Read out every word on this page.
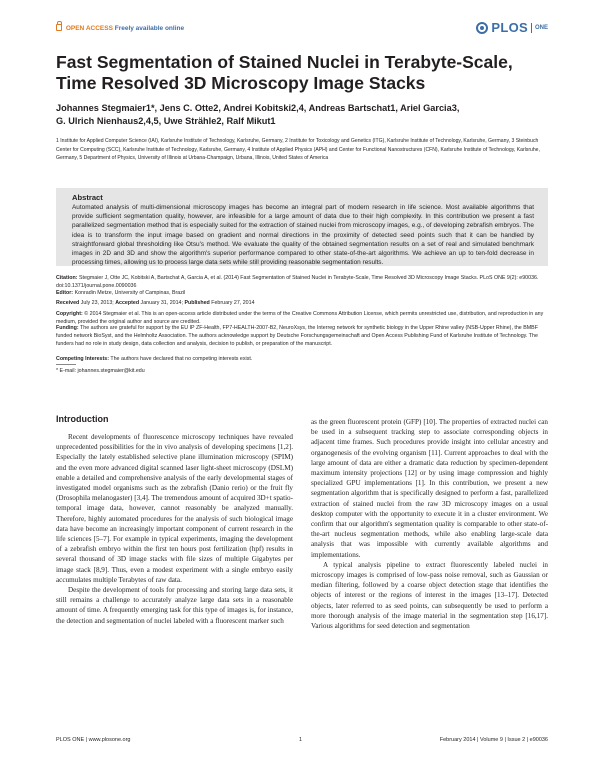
OPEN ACCESS Freely available online	PLOS ONE
Fast Segmentation of Stained Nuclei in Terabyte-Scale, Time Resolved 3D Microscopy Image Stacks
Johannes Stegmaier1*, Jens C. Otte2, Andrei Kobitski2,4, Andreas Bartschat1, Ariel Garcia3,
G. Ulrich Nienhaus2,4,5, Uwe Strähle2, Ralf Mikut1
1 Institute for Applied Computer Science (IAI), Karlsruhe Institute of Technology, Karlsruhe, Germany, 2 Institute for Toxicology and Genetics (ITG), Karlsruhe Institute of Technology, Karlsruhe, Germany, 3 Steinbuch Center for Computing (SCC), Karlsruhe Institute of Technology, Karlsruhe, Germany, 4 Institute of Applied Physics (APH) and Center for Functional Nanostructures (CFN), Karlsruhe Institute of Technology, Karlsruhe, Germany, 5 Department of Physics, University of Illinois at Urbana-Champaign, Urbana, Illinois, United States of America
Abstract
Automated analysis of multi-dimensional microscopy images has become an integral part of modern research in life science. Most available algorithms that provide sufficient segmentation quality, however, are infeasible for a large amount of data due to their high complexity. In this contribution we present a fast parallelized segmentation method that is especially suited for the extraction of stained nuclei from microscopy images, e.g., of developing zebrafish embryos. The idea is to transform the input image based on gradient and normal directions in the proximity of detected seed points such that it can be handled by straightforward global thresholding like Otsu's method. We evaluate the quality of the obtained segmentation results on a set of real and simulated benchmark images in 2D and 3D and show the algorithm's superior performance compared to other state-of-the-art algorithms. We achieve an up to ten-fold decrease in processing times, allowing us to process large data sets while still providing reasonable segmentation results.
Citation: Stegmaier J, Otte JC, Kobitski A, Bartschat A, Garcia A, et al. (2014) Fast Segmentation of Stained Nuclei in Terabyte-Scale, Time Resolved 3D Microscopy Image Stacks. PLoS ONE 9(2): e90036. doi:10.1371/journal.pone.0090036
Editor: Konradin Metze, University of Campinas, Brazil
Received July 23, 2013; Accepted January 31, 2014; Published February 27, 2014
Copyright: © 2014 Stegmaier et al. This is an open-access article distributed under the terms of the Creative Commons Attribution License, which permits unrestricted use, distribution, and reproduction in any medium, provided the original author and source are credited.
Funding: The authors are grateful for support by the EU IP ZF-Health, FP7-HEALTH-2007-B2, NeuroXsys, the Interreg network for synthetic biology in the Upper Rhine valley (NSB-Upper Rhine), the BMBF funded network BioSyst, and the Helmholtz Association. The authors acknowledge support by Deutsche Forschungsgemeinschaft and Open Access Publishing Fund of Karlsruhe Institute of Technology. The funders had no role in study design, data collection and analysis, decision to publish, or preparation of the manuscript.
Competing Interests: The authors have declared that no competing interests exist.
* E-mail: johannes.stegmaier@kit.edu
Introduction

Recent developments of fluorescence microscopy techniques have revealed unprecedented possibilities for the in vivo analysis of developing specimens [1,2]. Especially the lately established selective plane illumination microscopy (SPIM) and the even more advanced digital scanned laser light-sheet microscopy (DSLM) enable a detailed and comprehensive analysis of the early developmental stages of investigated model organisms such as the zebrafish (Danio rerio) or the fruit fly (Drosophila melanogaster) [3,4]. The tremendous amount of acquired 3D+t spatio-temporal image data, however, cannot reasonably be analyzed manually. Therefore, highly automated procedures for the analysis of such biological image data have become an increasingly important component of current research in the life sciences [5–7]. For example in typical experiments, imaging the development of a zebrafish embryo within the first ten hours post fertilization (hpf) results in several thousand of 3D image stacks with file sizes of multiple Gigabytes per image stack [8,9]. Thus, even a modest experiment with a single embryo easily accumulates multiple Terabytes of raw data.

Despite the development of tools for processing and storing large data sets, it still remains a challenge to accurately analyze large data sets in a reasonable amount of time. A frequently emerging task for this type of images is, for instance, the detection and segmentation of nuclei labeled with a fluorescent marker such

as the green fluorescent protein (GFP) [10]. The properties of extracted nuclei can be used in a subsequent tracking step to associate corresponding objects in adjacent time frames. Such procedures provide insight into cellular ancestry and organogenesis of the evolving organism [11]. Current approaches to deal with the large amount of data are either a dramatic data reduction by specimen-dependent maximum intensity projections [12] or by using image compression and highly specialized GPU implementations [1]. In this contribution, we present a new segmentation algorithm that is specifically designed to perform a fast, parallelized extraction of stained nuclei from the raw 3D microscopy images on a usual desktop computer with the opportunity to execute it in a cluster environment. We confirm that our algorithm's segmentation quality is comparable to other state-of-the-art nucleus segmentation methods, while also enabling large-scale data analysis that was impossible with currently available algorithms and implementations.

A typical analysis pipeline to extract fluorescently labeled nuclei in microscopy images is comprised of low-pass noise removal, such as Gaussian or median filtering, followed by a coarse object detection stage that identifies the objects of interest or the regions of interest in the images [13–17]. Detected objects, later referred to as seed points, can subsequently be used to perform a more thorough analysis of the image material in the segmentation step [16,17]. Various algorithms for seed detection and segmentation

PLOS ONE | www.plosone.org	1	February 2014 | Volume 9 | Issue 2 | e90036
